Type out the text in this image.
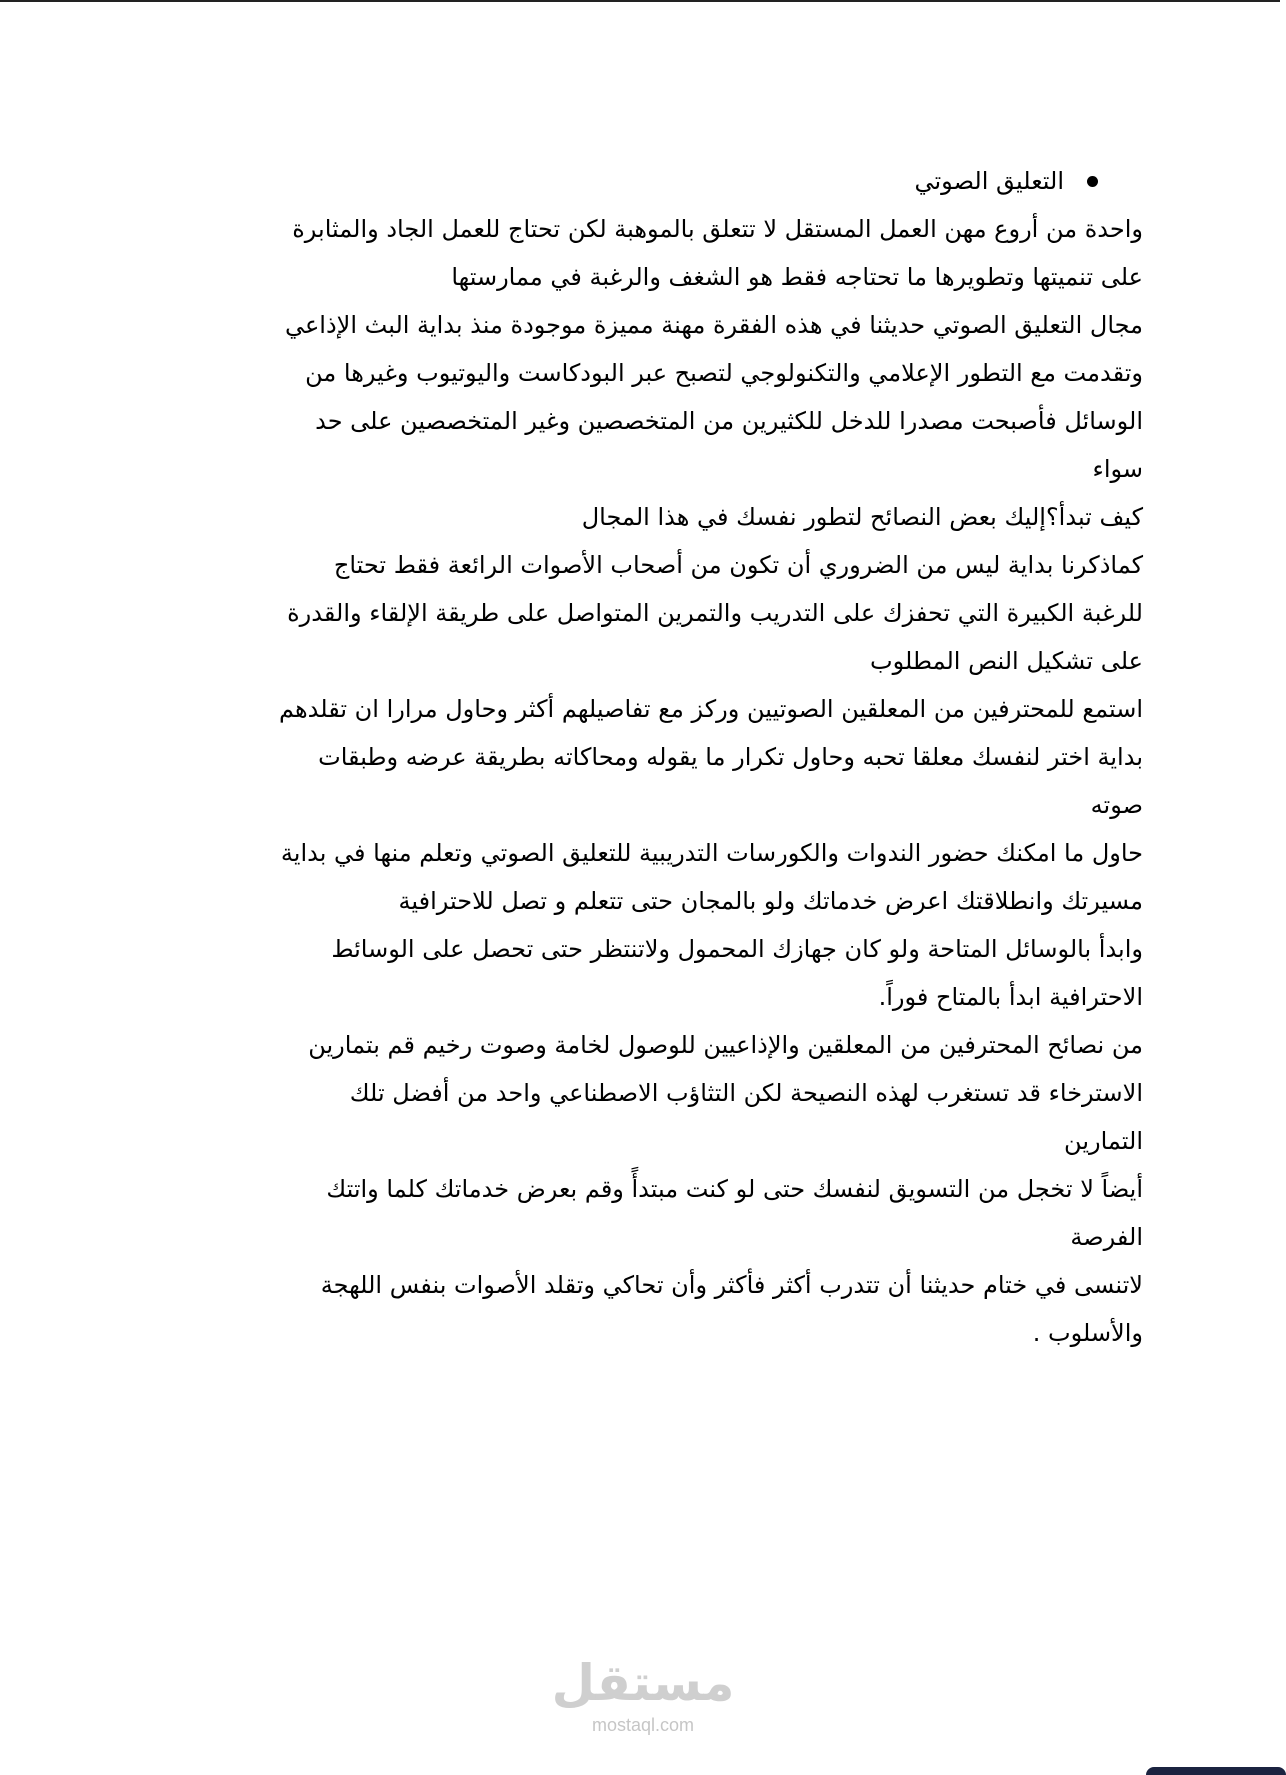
التعليق الصوتي
واحدة من أروع مهن العمل المستقل لا تتعلق بالموهبة لكن تحتاج للعمل الجاد والمثابرة
على تنميتها وتطويرها ما تحتاجه فقط هو الشغف والرغبة في ممارستها
مجال التعليق الصوتي حديثنا في هذه الفقرة مهنة مميزة موجودة منذ بداية البث الإذاعي
وتقدمت مع التطور الإعلامي والتكنولوجي لتصبح عبر البودكاست واليوتيوب وغيرها من
الوسائل فأصبحت مصدرا للدخل للكثيرين من المتخصصين وغير المتخصصين على حد
سواء
كيف تبدأ؟إليك بعض النصائح لتطور نفسك في هذا المجال
كماذكرنا بداية ليس من الضروري أن تكون من أصحاب الأصوات الرائعة فقط تحتاج
للرغبة الكبيرة التي تحفزك على التدريب والتمرين المتواصل على طريقة الإلقاء والقدرة
على تشكيل النص المطلوب
استمع للمحترفين من المعلقين الصوتيين وركز مع تفاصيلهم أكثر وحاول مرارا ان تقلدهم
بداية اختر لنفسك معلقا تحبه وحاول تكرار ما يقوله ومحاكاته بطريقة عرضه وطبقات
صوته
حاول ما امكنك حضور الندوات والكورسات التدريبية للتعليق الصوتي وتعلم منها في بداية
مسيرتك وانطلاقتك اعرض خدماتك ولو بالمجان حتى تتعلم و تصل للاحترافية
وابدأ بالوسائل المتاحة ولو كان جهازك المحمول ولاتنتظر حتى تحصل على الوسائط
الاحترافية ابدأ بالمتاح فوراً.
من نصائح المحترفين من المعلقين والإذاعيين للوصول لخامة وصوت رخيم قم بتمارين
الاسترخاء قد تستغرب لهذه النصيحة لكن التثاؤب الاصطناعي واحد من أفضل تلك
التمارين
أيضاً لا تخجل من التسويق لنفسك حتى لو كنت مبتدأً وقم بعرض خدماتك كلما واتتك
الفرصة
لاتنسى في ختام حديثنا أن تتدرب أكثر فأكثر وأن تحاكي وتقلد الأصوات بنفس اللهجة
والأسلوب .
مستقل
mostaql.com
